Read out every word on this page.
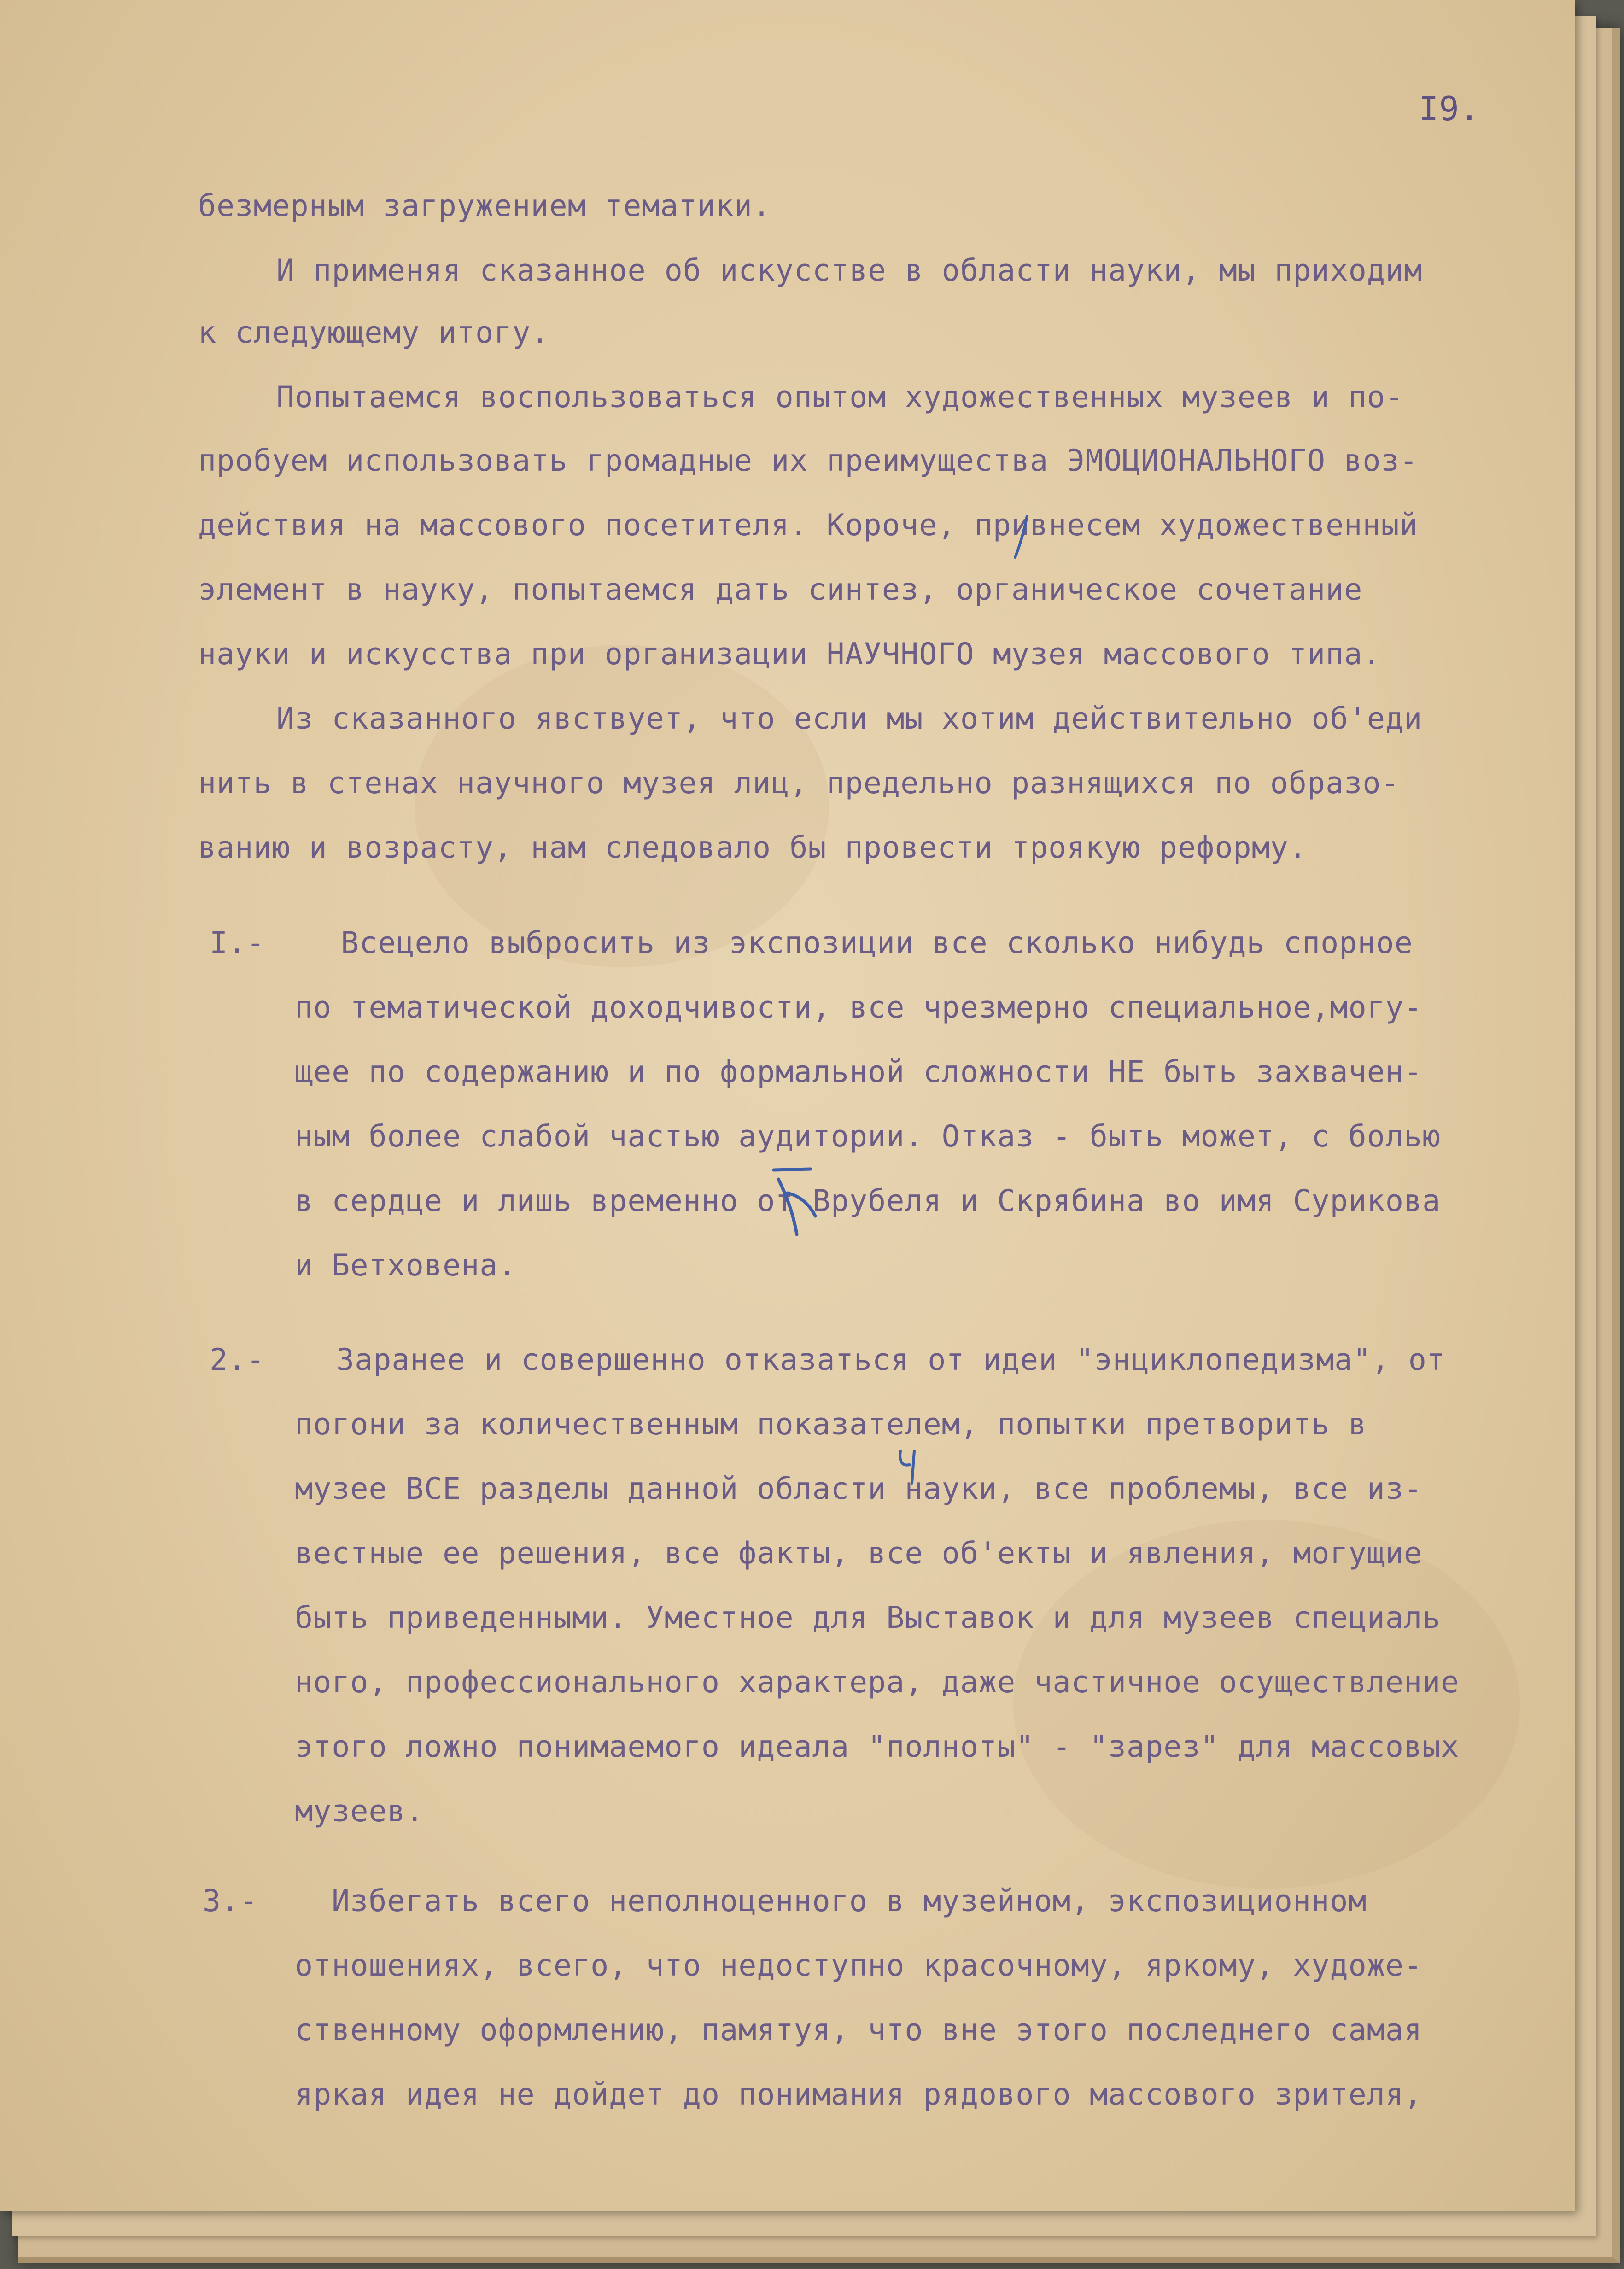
I9.
безмерным загружением тематики.
И применяя сказанное об искусстве в области науки, мы приходим
к следующему итогу.
Попытаемся воспользоваться опытом художественных музеев и по-
пробуем использовать громадные их преимущества ЭМОЦИОНАЛЬНОГО воз-
действия на массового посетителя. Короче, привнесем художественный
элемент в науку, попытаемся дать синтез, органическое сочетание
науки и искусства при организации НАУЧНОГО музея массового типа.
Из сказанного явствует, что если мы хотим действительно об'еди
нить в стенах научного музея лиц, предельно разнящихся по образо-
ванию и возрасту, нам следовало бы провести троякую реформу.
I.-	Всецело выбросить из экспозиции все сколько нибудь спорное
по тематической доходчивости, все чрезмерно специальное,могу-
щее по содержанию и по формальной сложности НЕ быть захвачен-
ным более слабой частью аудитории. Отказ - быть может, с болью
в сердце и лишь временно от Врубеля и Скрябина во имя Сурикова
и Бетховена.
2.- Заранее и совершенно отказаться от идеи "энциклопедизма", от
погони за количественным показателем, попытки претворить в
музее ВСЕ разделы данной области науки, все проблемы, все из-
вестные ее решения, все факты, все об'екты и явления, могущие
быть приведенными. Уместное для Выставок и для музеев специаль
ного, профессионального характера, даже частичное осуществление
этого ложно понимаемого идеала "полноты" - "зарез" для массовых
музеев.
3.- Избегать всего неполноценного в музейном, экспозиционном
отношениях, всего, что недоступно красочному, яркому, художе-
ственному оформлению, памятуя, что вне этого последнего самая
яркая идея не дойдет до понимания рядового массового зрителя,
